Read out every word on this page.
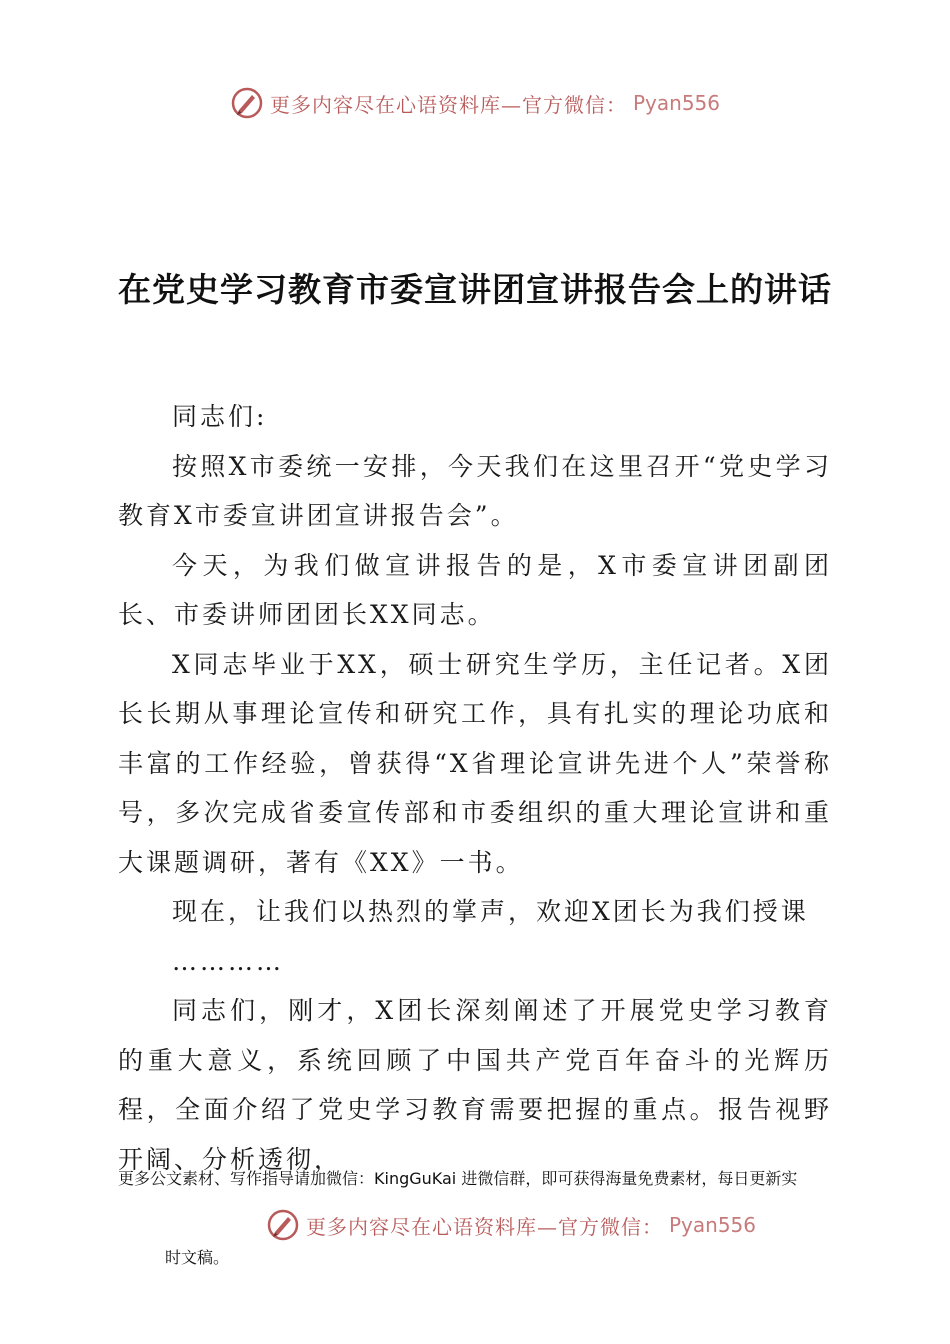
更多内容尽在心语资料库—官方微信： Pyan556
在党史学习教育市委宣讲团宣讲报告会上的讲话

同志们:

按照X市委统一安排，今天我们在这里召开“党史学习教育X市委宣讲团宣讲报告会”。

今天，为我们做宣讲报告的是，X市委宣讲团副团长、市委讲师团团长XX同志。

X同志毕业于XX，硕士研究生学历，主任记者。X团长长期从事理论宣传和研究工作，具有扎实的理论功底和丰富的工作经验，曾获得“X省理论宣讲先进个人”荣誉称号，多次完成省委宣传部和市委组织的重大理论宣讲和重大课题调研，著有《XX》一书。

现在，让我们以热烈的掌声，欢迎X团长为我们授课

…………

同志们，刚才，X团长深刻阐述了开展党史学习教育的重大意义，系统回顾了中国共产党百年奋斗的光辉历程，全面介绍了党史学习教育需要把握的重点。报告视野开阔、分析透彻，

更多公文素材、写作指导请加微信：KingGuKai 进微信群，即可获得海量免费素材，每日更新实
更多内容尽在心语资料库—官方微信： Pyan556
时文稿。
